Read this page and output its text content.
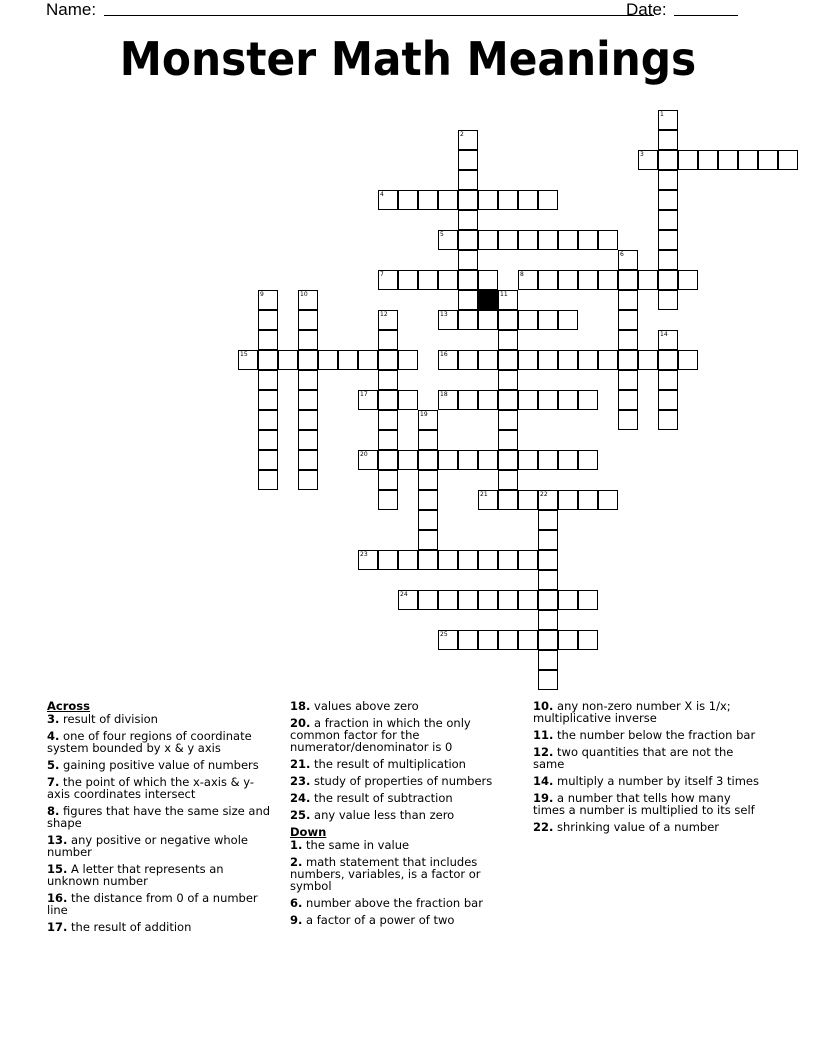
Name:	Date:
Monster Math Meanings
1
2
3
4
5
6
7	8
9	10	11
12	13
14
15	16
17	18
19
20
21	22
23
24
25
Across
3. result of division
4. one of four regions of coordinate system bounded by x & y axis
5. gaining positive value of numbers
7. the point of which the x-axis & y-axis coordinates intersect
8. figures that have the same size and shape
13. any positive or negative whole number
15. A letter that represents an unknown number
16. the distance from 0 of a number line
17. the result of addition
18. values above zero
20. a fraction in which the only common factor for the numerator/denominator is 0
21. the result of multiplication
23. study of properties of numbers
24. the result of subtraction
25. any value less than zero
Down
1. the same in value
2. math statement that includes numbers, variables, is a factor or symbol
6. number above the fraction bar
9. a factor of a power of two
10. any non-zero number X is 1/x; multiplicative inverse
11. the number below the fraction bar
12. two quantities that are not the same
14. multiply a number by itself 3 times
19. a number that tells how many times a number is multiplied to its self
22. shrinking value of a number
